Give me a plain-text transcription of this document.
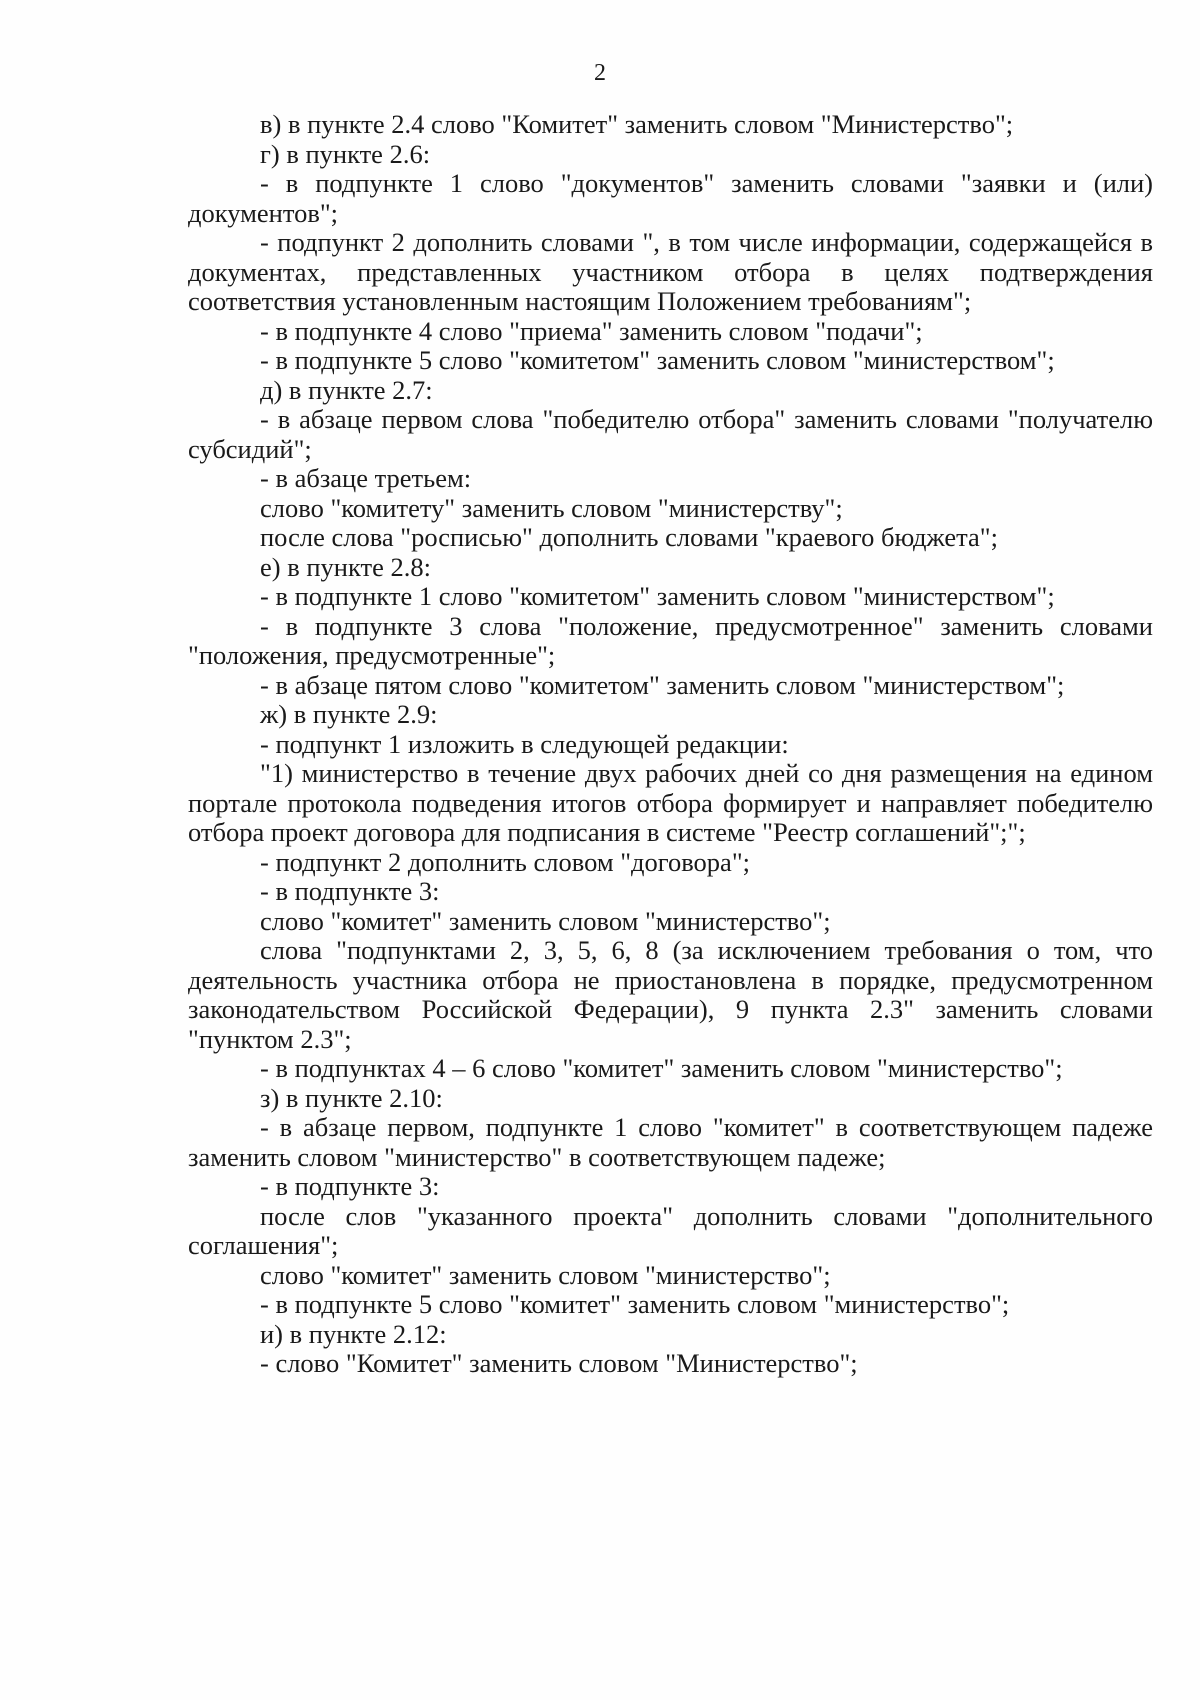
2

в) в пункте 2.4 слово "Комитет" заменить словом "Министерство";

г) в пункте 2.6:

- в подпункте 1 слово "документов" заменить словами "заявки и (или) документов";

- подпункт 2 дополнить словами ", в том числе информации, содержащейся в документах, представленных участником отбора в целях подтверждения соответствия установленным настоящим Положением требованиям";

- в подпункте 4 слово "приема" заменить словом "подачи";

- в подпункте 5 слово "комитетом" заменить словом "министерством";

д) в пункте 2.7:

- в абзаце первом слова "победителю отбора" заменить словами "получателю субсидий";

- в абзаце третьем:

слово "комитету" заменить словом "министерству";

после слова "росписью" дополнить словами "краевого бюджета";

е) в пункте 2.8:

- в подпункте 1 слово "комитетом" заменить словом "министерством";

- в подпункте 3 слова "положение, предусмотренное" заменить словами "положения, предусмотренные";

- в абзаце пятом слово "комитетом" заменить словом "министерством";

ж) в пункте 2.9:

- подпункт 1 изложить в следующей редакции:

"1) министерство в течение двух рабочих дней со дня размещения на едином портале протокола подведения итогов отбора формирует и направляет победителю отбора проект договора для подписания в системе "Реестр соглашений";";

- подпункт 2 дополнить словом "договора";

- в подпункте 3:

слово "комитет" заменить словом "министерство";

слова "подпунктами 2, 3, 5, 6, 8 (за исключением требования о том, что деятельность участника отбора не приостановлена в порядке, предусмотренном законодательством Российской Федерации), 9 пункта 2.3" заменить словами "пунктом 2.3";

- в подпунктах 4 – 6 слово "комитет" заменить словом "министерство";

з) в пункте 2.10:

- в абзаце первом, подпункте 1 слово "комитет" в соответствующем падеже заменить словом "министерство" в соответствующем падеже;

- в подпункте 3:

после слов "указанного проекта" дополнить словами "дополнительного соглашения";

слово "комитет" заменить словом "министерство";

- в подпункте 5 слово "комитет" заменить словом "министерство";

и) в пункте 2.12:

- слово "Комитет" заменить словом "Министерство";
